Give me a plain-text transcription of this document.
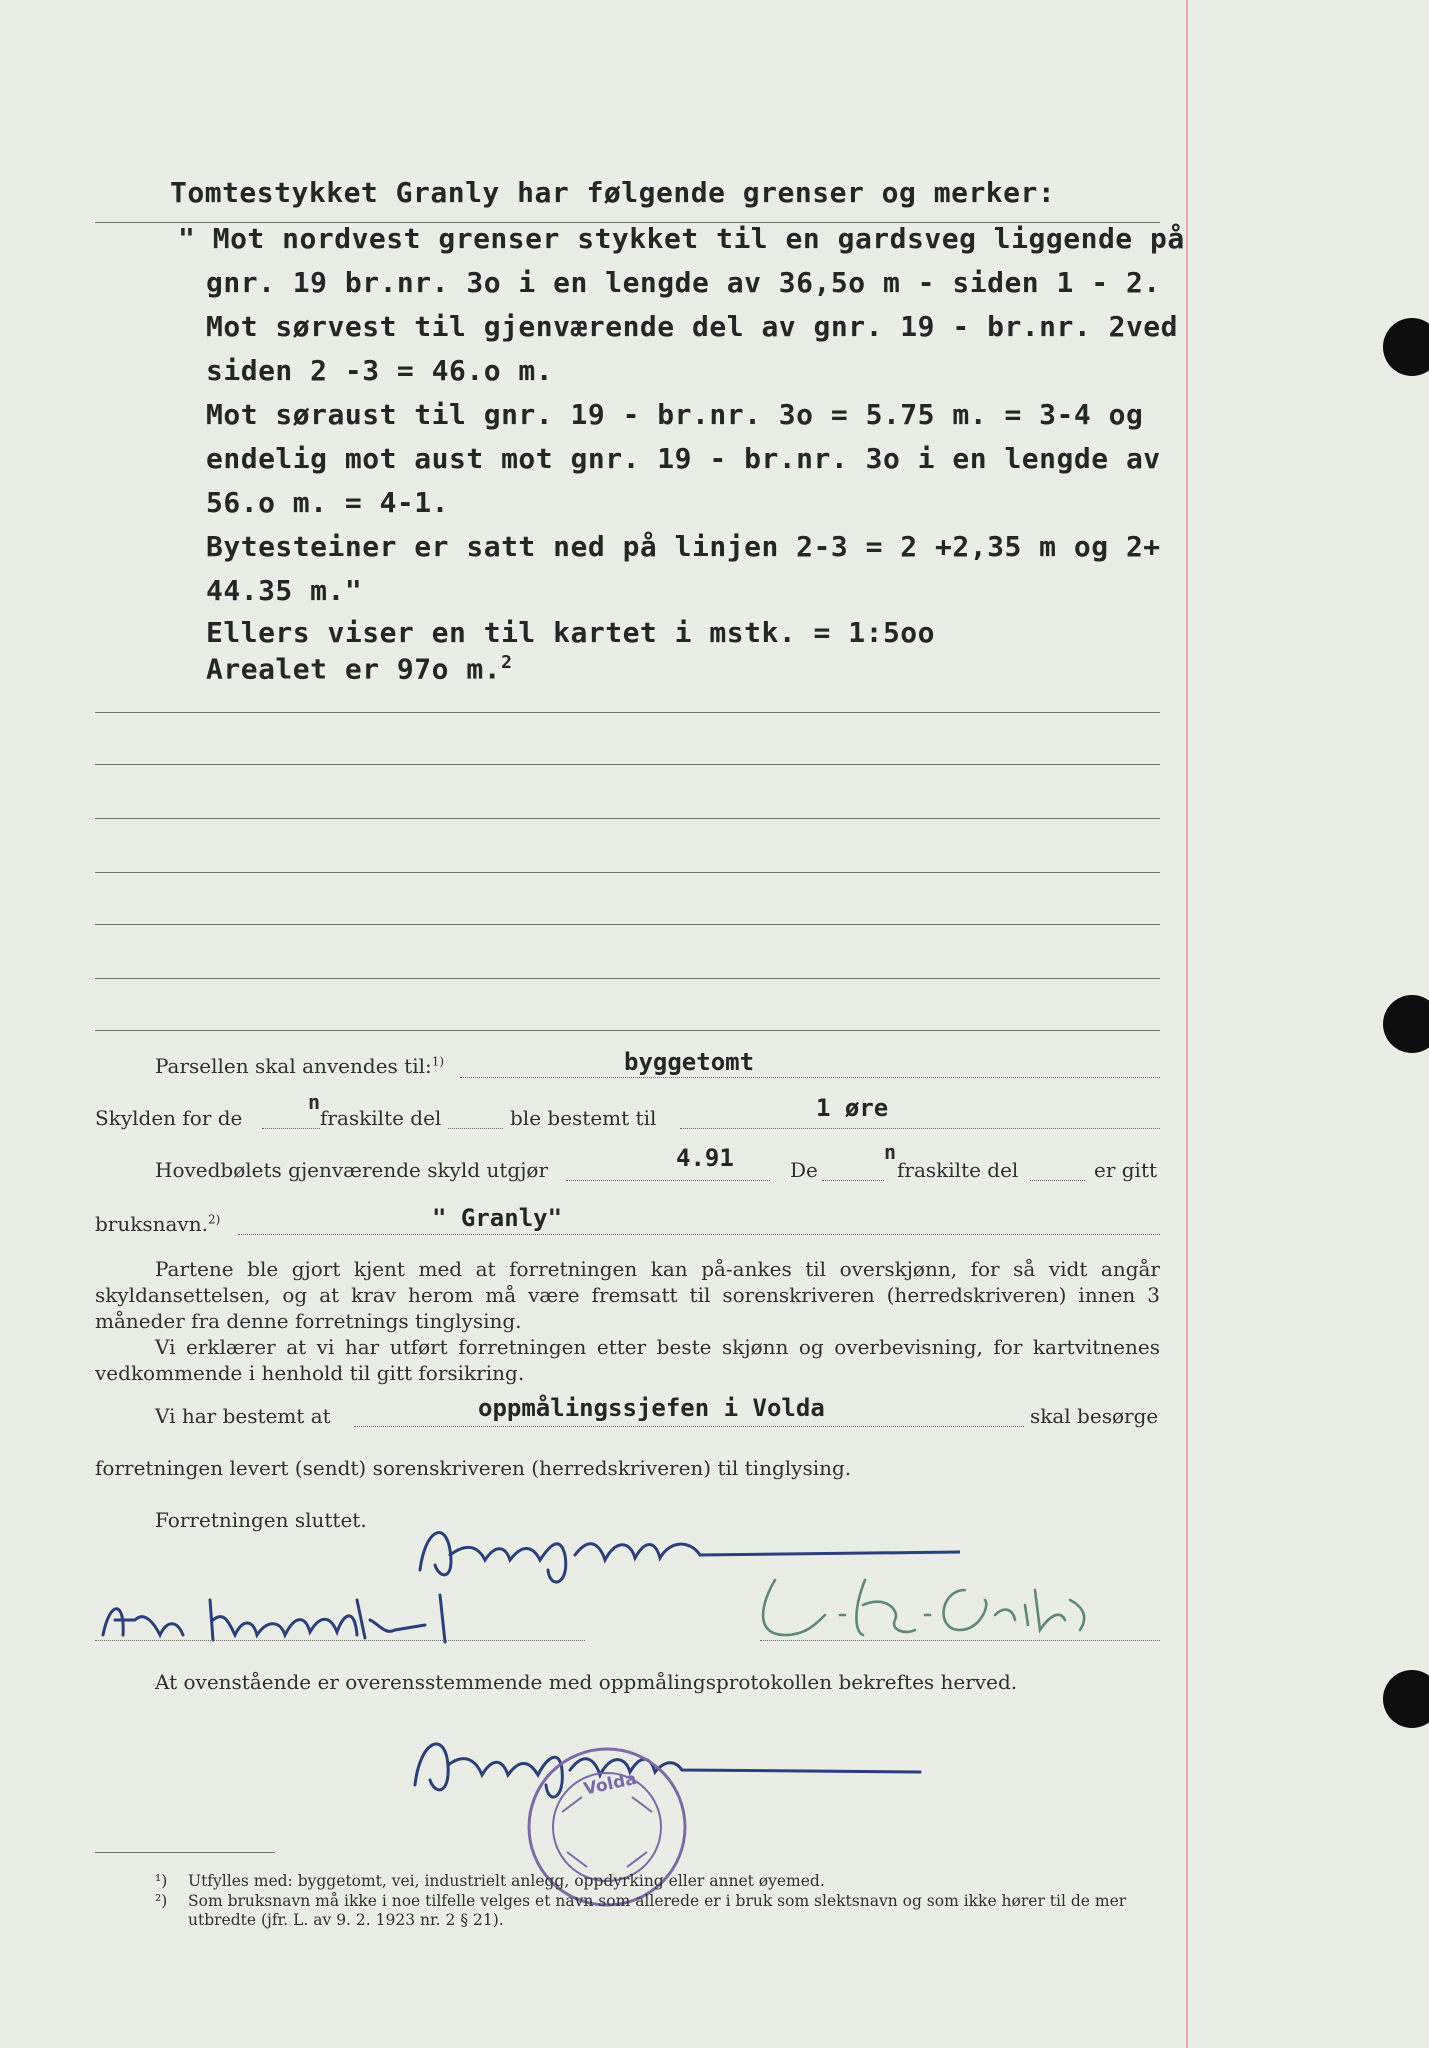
Tomtestykket Granly har følgende grenser og merker:
" Mot nordvest grenser stykket til en gardsveg liggende på
gnr. 19 br.nr. 3o i en lengde av 36,5o m - siden 1 - 2.
Mot sørvest til gjenværende del av gnr. 19 - br.nr. 2ved
siden 2 -3 = 46.o m.
Mot søraust til gnr. 19 - br.nr. 3o = 5.75 m. = 3-4 og
endelig mot aust mot gnr. 19 - br.nr. 3o i en lengde av
56.o m. = 4-1.
Bytesteiner er satt ned på linjen 2-3 = 2 +2,35 m og 2+
44.35 m."
Ellers viser en til kartet i mstk. = 1:5oo
Arealet er 97o m.$^2$
Parsellen skal anvendes til:$^{1)}$	byggetomt
Skylden for de
n
fraskilte del	ble bestemt til	1 øre
Hovedbølets gjenværende skyld utgjør	4.91	De
n
fraskilte del	er gitt
bruksnavn.$^{2)}$	" Granly"
Partene ble gjort kjent med at forretningen kan på-ankes til overskjønn, for så vidt angår skyldansettelsen, og at krav herom må være fremsatt til sorenskriveren (herredskriveren) innen 3 måneder fra denne forretnings tinglysing.
Vi erklærer at vi har utført forretningen etter beste skjønn og overbevisning, for kartvitnenes vedkommende i henhold til gitt forsikring.
Vi har bestemt at	oppmålingssjefen i Volda	skal besørge
forretningen levert (sendt) sorenskriveren (herredskriveren) til tinglysing.
Forretningen sluttet.
At ovenstående er overensstemmende med oppmålingsprotokollen bekreftes herved.
Volda
¹) Utfylles med: byggetomt, vei, industrielt anlegg, oppdyrking eller annet øyemed.
²) Som bruksnavn må ikke i noe tilfelle velges et navn som allerede er i bruk som slektsnavn og som ikke hører til de mer utbredte (jfr. L. av 9. 2. 1923 nr. 2 § 21).
